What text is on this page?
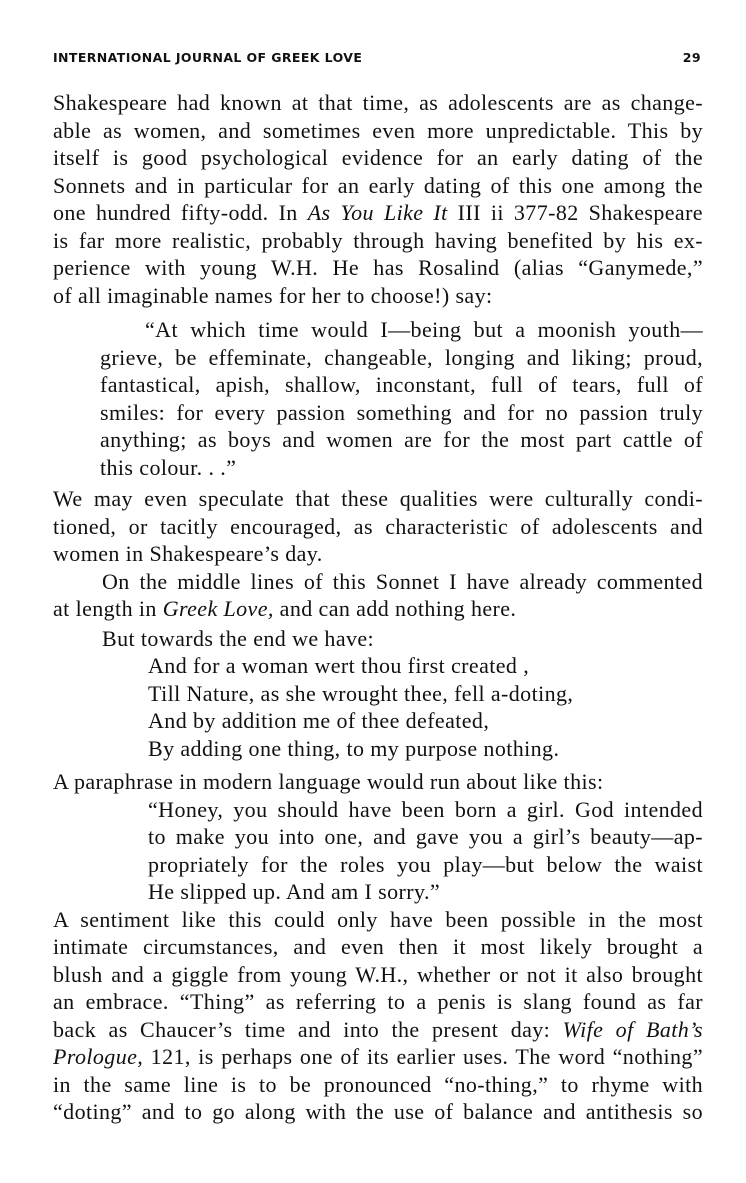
INTERNATIONAL JOURNAL OF GREEK LOVE	29
Shakespeare had known at that time, as adolescents are as change-
able as women, and sometimes even more unpredictable. This by
itself is good psychological evidence for an early dating of the
Sonnets and in particular for an early dating of this one among the
one hundred fifty-odd. In As You Like It III ii 377-82 Shakespeare
is far more realistic, probably through having benefited by his ex-
perience with young W.H. He has Rosalind (alias “Ganymede,”
of all imaginable names for her to choose!) say:
“At which time would I—being but a moonish youth—
grieve, be effeminate, changeable, longing and liking; proud,
fantastical, apish, shallow, inconstant, full of tears, full of
smiles: for every passion something and for no passion truly
anything; as boys and women are for the most part cattle of
this colour. . .”
We may even speculate that these qualities were culturally condi-
tioned, or tacitly encouraged, as characteristic of adolescents and
women in Shakespeare’s day.
On the middle lines of this Sonnet I have already commented
at length in Greek Love, and can add nothing here.
But towards the end we have:
And for a woman wert thou first created ,
Till Nature, as she wrought thee, fell a-doting,
And by addition me of thee defeated,
By adding one thing, to my purpose nothing.
A paraphrase in modern language would run about like this:
“Honey, you should have been born a girl. God intended
to make you into one, and gave you a girl’s beauty—ap-
propriately for the roles you play—but below the waist
He slipped up. And am I sorry.”
A sentiment like this could only have been possible in the most
intimate circumstances, and even then it most likely brought a
blush and a giggle from young W.H., whether or not it also brought
an embrace. “Thing” as referring to a penis is slang found as far
back as Chaucer’s time and into the present day: Wife of Bath’s
Prologue, 121, is perhaps one of its earlier uses. The word “nothing”
in the same line is to be pronounced “no-thing,” to rhyme with
“doting” and to go along with the use of balance and antithesis so
